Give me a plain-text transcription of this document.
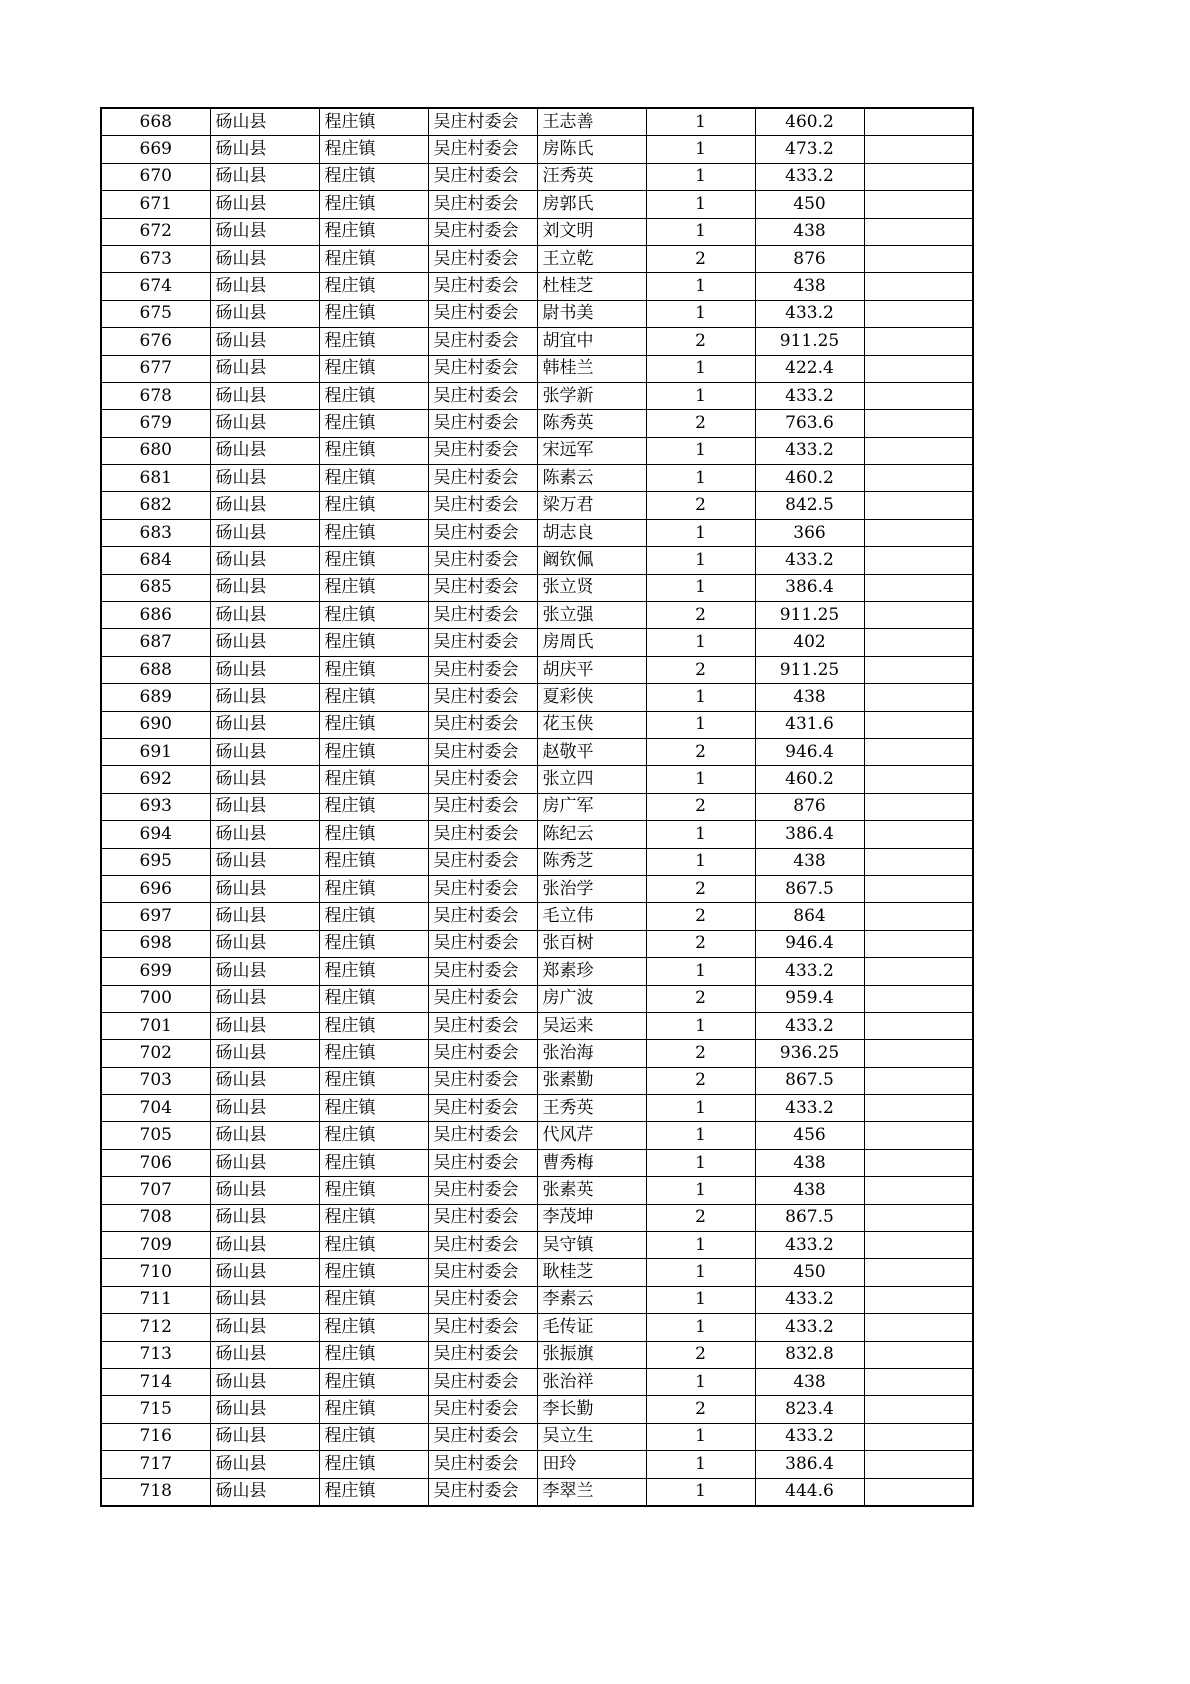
668	砀山县	程庄镇	吴庄村委会	王志善	1	460.2	
669	砀山县	程庄镇	吴庄村委会	房陈氏	1	473.2	
670	砀山县	程庄镇	吴庄村委会	汪秀英	1	433.2	
671	砀山县	程庄镇	吴庄村委会	房郭氏	1	450	
672	砀山县	程庄镇	吴庄村委会	刘文明	1	438	
673	砀山县	程庄镇	吴庄村委会	王立乾	2	876	
674	砀山县	程庄镇	吴庄村委会	杜桂芝	1	438	
675	砀山县	程庄镇	吴庄村委会	尉书美	1	433.2	
676	砀山县	程庄镇	吴庄村委会	胡宜中	2	911.25	
677	砀山县	程庄镇	吴庄村委会	韩桂兰	1	422.4	
678	砀山县	程庄镇	吴庄村委会	张学新	1	433.2	
679	砀山县	程庄镇	吴庄村委会	陈秀英	2	763.6	
680	砀山县	程庄镇	吴庄村委会	宋远军	1	433.2	
681	砀山县	程庄镇	吴庄村委会	陈素云	1	460.2	
682	砀山县	程庄镇	吴庄村委会	梁万君	2	842.5	
683	砀山县	程庄镇	吴庄村委会	胡志良	1	366	
684	砀山县	程庄镇	吴庄村委会	阚钦佩	1	433.2	
685	砀山县	程庄镇	吴庄村委会	张立贤	1	386.4	
686	砀山县	程庄镇	吴庄村委会	张立强	2	911.25	
687	砀山县	程庄镇	吴庄村委会	房周氏	1	402	
688	砀山县	程庄镇	吴庄村委会	胡庆平	2	911.25	
689	砀山县	程庄镇	吴庄村委会	夏彩侠	1	438	
690	砀山县	程庄镇	吴庄村委会	花玉侠	1	431.6	
691	砀山县	程庄镇	吴庄村委会	赵敬平	2	946.4	
692	砀山县	程庄镇	吴庄村委会	张立四	1	460.2	
693	砀山县	程庄镇	吴庄村委会	房广军	2	876	
694	砀山县	程庄镇	吴庄村委会	陈纪云	1	386.4	
695	砀山县	程庄镇	吴庄村委会	陈秀芝	1	438	
696	砀山县	程庄镇	吴庄村委会	张治学	2	867.5	
697	砀山县	程庄镇	吴庄村委会	毛立伟	2	864	
698	砀山县	程庄镇	吴庄村委会	张百树	2	946.4	
699	砀山县	程庄镇	吴庄村委会	郑素珍	1	433.2	
700	砀山县	程庄镇	吴庄村委会	房广波	2	959.4	
701	砀山县	程庄镇	吴庄村委会	吴运来	1	433.2	
702	砀山县	程庄镇	吴庄村委会	张治海	2	936.25	
703	砀山县	程庄镇	吴庄村委会	张素勤	2	867.5	
704	砀山县	程庄镇	吴庄村委会	王秀英	1	433.2	
705	砀山县	程庄镇	吴庄村委会	代风芹	1	456	
706	砀山县	程庄镇	吴庄村委会	曹秀梅	1	438	
707	砀山县	程庄镇	吴庄村委会	张素英	1	438	
708	砀山县	程庄镇	吴庄村委会	李茂坤	2	867.5	
709	砀山县	程庄镇	吴庄村委会	吴守镇	1	433.2	
710	砀山县	程庄镇	吴庄村委会	耿桂芝	1	450	
711	砀山县	程庄镇	吴庄村委会	李素云	1	433.2	
712	砀山县	程庄镇	吴庄村委会	毛传证	1	433.2	
713	砀山县	程庄镇	吴庄村委会	张振旗	2	832.8	
714	砀山县	程庄镇	吴庄村委会	张治祥	1	438	
715	砀山县	程庄镇	吴庄村委会	李长勤	2	823.4	
716	砀山县	程庄镇	吴庄村委会	吴立生	1	433.2	
717	砀山县	程庄镇	吴庄村委会	田玲	1	386.4	
718	砀山县	程庄镇	吴庄村委会	李翠兰	1	444.6	
